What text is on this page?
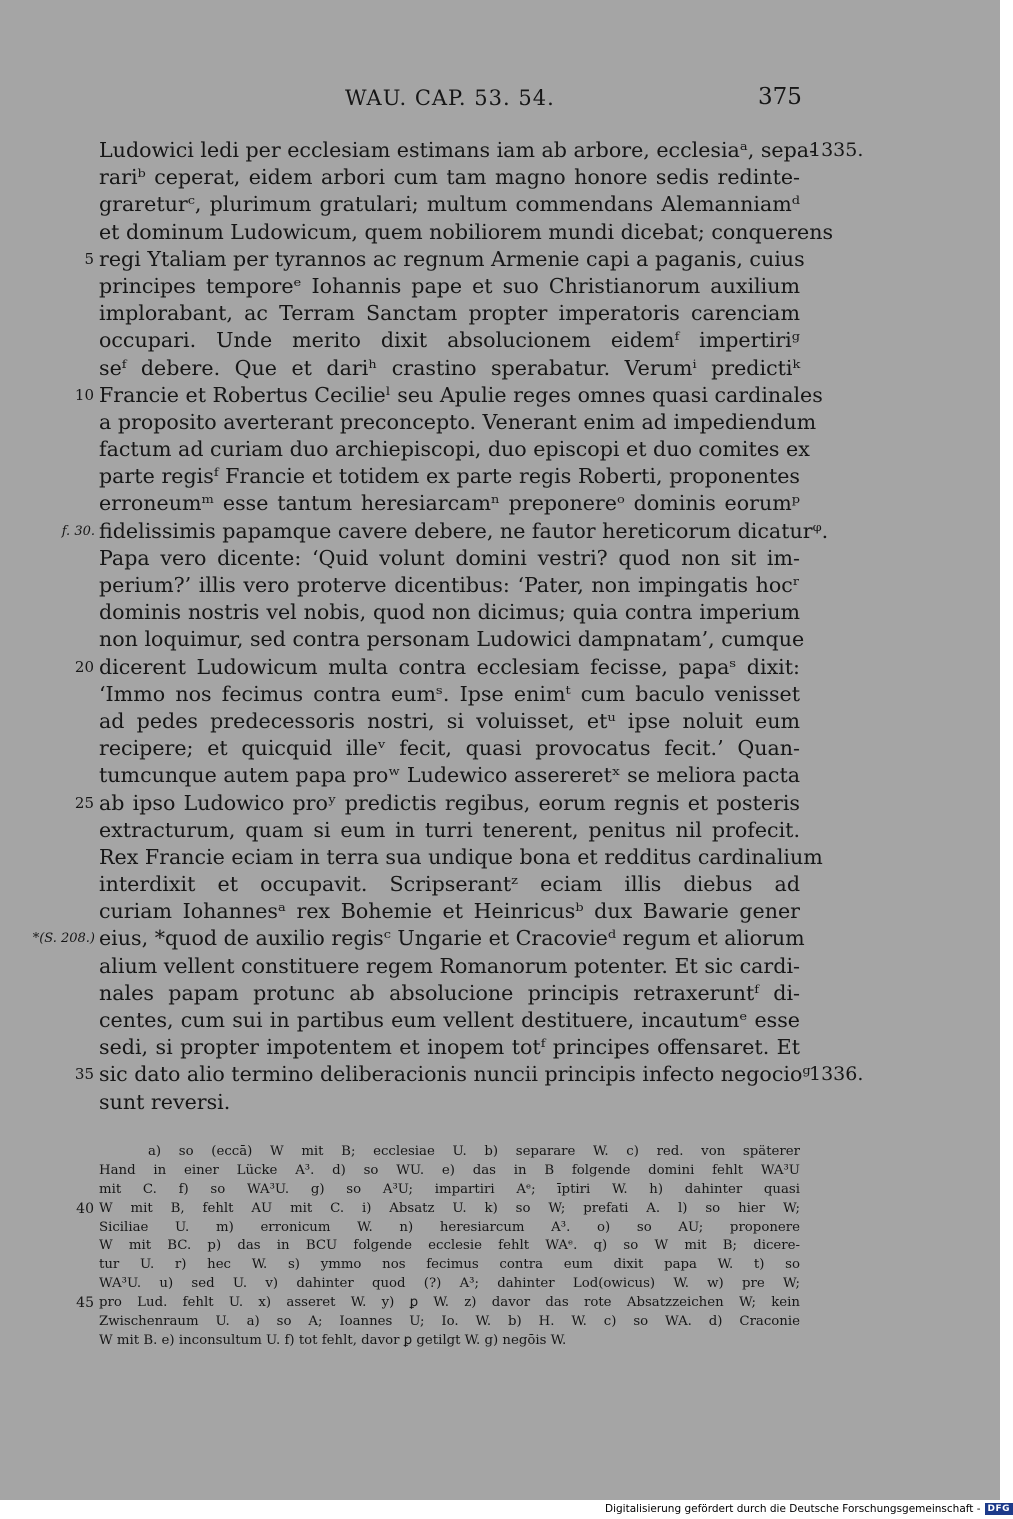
WAU. CAP. 53. 54.	375
Ludowici ledi per ecclesiam estimans iam ab arbore, ecclesiaᵃ, sepa-
1335.
rariᵇ ceperat, eidem arbori cum tam magno honore sedis redinte-
grareturᶜ, plurimum gratulari; multum commendans Alemanniamᵈ
et dominum Ludowicum, quem nobiliorem mundi dicebat; conquerens
5 regi Ytaliam per tyrannos ac regnum Armenie capi a paganis, cuius
principes temporeᵉ Iohannis pape et suo Christianorum auxilium
implorabant, ac Terram Sanctam propter imperatoris carenciam
occupari. Unde merito dixit absolucionem eidemᶠ impertiriᵍ
seᶠ debere. Que et dariʰ crastino sperabatur. Verumⁱ predictiᵏ
10 Francie et Robertus Cecilieˡ seu Apulie reges omnes quasi cardinales
a proposito averterant preconcepto. Venerant enim ad impediendum
factum ad curiam duo archiepiscopi, duo episcopi et duo comites ex
parte regisᶠ Francie et totidem ex parte regis Roberti, proponentes
erroneumᵐ esse tantum heresiarcamⁿ preponereᵒ dominis eorumᵖ
f. 30. fidelissimis papamque cavere debere, ne fautor hereticorum dicaturᵠ.
Papa vero dicente: ‘Quid volunt domini vestri? quod non sit im-
perium?’ illis vero proterve dicentibus: ‘Pater, non impingatis hocʳ
dominis nostris vel nobis, quod non dicimus; quia contra imperium
non loquimur, sed contra personam Ludowici dampnatam’, cumque
20 dicerent Ludowicum multa contra ecclesiam fecisse, papaˢ dixit:
‘Immo nos fecimus contra eumˢ. Ipse enimᵗ cum baculo venisset
ad pedes predecessoris nostri, si voluisset, etᵘ ipse noluit eum
recipere; et quicquid illeᵛ fecit, quasi provocatus fecit.’ Quan-
tumcunque autem papa proʷ Ludewico assereretˣ se meliora pacta
25 ab ipso Ludowico proʸ predictis regibus, eorum regnis et posteris
extracturum, quam si eum in turri tenerent, penitus nil profecit.
Rex Francie eciam in terra sua undique bona et redditus cardinalium
interdixit et occupavit. Scripserantᶻ eciam illis diebus ad
curiam Iohannesᵃ rex Bohemie et Heinricusᵇ dux Bawarie gener
*(S. 208.) eius, *quod de auxilio regisᶜ Ungarie et Cracovieᵈ regum et aliorum
alium vellent constituere regem Romanorum potenter. Et sic cardi-
nales papam protunc ab absolucione principis retraxeruntᶠ di-
centes, cum sui in partibus eum vellent destituere, incautumᵉ esse
sedi, si propter impotentem et inopem totᶠ principes offensaret. Et
35 sic dato alio termino deliberacionis nuncii principis infecto negocioᵍ
1336.
sunt reversi.
a) so (eccā) W mit B; ecclesiae U. b) separare W. c) red. von späterer
Hand in einer Lücke A³. d) so WU. e) das in B folgende domini fehlt WA³U
mit C. f) so WA³U. g) so A³U; impartiri Aᵉ; īptiri W. h) dahinter quasi
40 W mit B, fehlt AU mit C. i) Absatz U. k) so W; prefati A. l) so hier W;
Siciliae U. m) erronicum W. n) heresiarcum A³. o) so AU; proponere
W mit BC. p) das in BCU folgende ecclesie fehlt WAᵉ. q) so W mit B; dicere-
tur U. r) hec W. s) ymmo nos fecimus contra eum dixit papa W. t) so
WA³U. u) sed U. v) dahinter quod (?) A³; dahinter Lod(owicus) W. w) pre W;
45 pro Lud. fehlt U. x) asseret W. y) ꝑ W. z) davor das rote Absatzzeichen W; kein
Zwischenraum U. a) so A; Ioannes U; Io. W. b) H. W. c) so WA. d) Craconie
W mit B. e) inconsultum U. f) tot fehlt, davor ꝑ getilgt W. g) negōis W.
Digitalisierung gefördert durch die Deutsche Forschungsgemeinschaft - DFG
